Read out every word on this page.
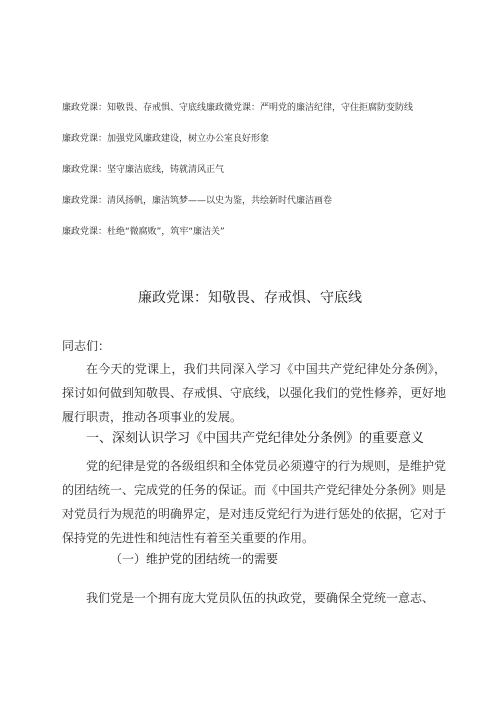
廉政党课：知敬畏、存戒惧、守底线廉政微党课：严明党的廉洁纪律，守住拒腐防变防线
廉政党课：加强党风廉政建设，树立办公室良好形象
廉政党课：坚守廉洁底线，铸就清风正气
廉政党课：清风扬帆，廉洁筑梦——以史为鉴，共绘新时代廉洁画卷
廉政党课：杜绝“微腐败”，筑牢“廉洁关”
廉政党课：知敬畏、存戒惧、守底线

同志们：

在今天的党课上，我们共同深入学习《中国共产党纪律处分条例》，探讨如何做到知敬畏、存戒惧、守底线，以强化我们的党性修养，更好地履行职责，推动各项事业的发展。

一、深刻认识学习《中国共产党纪律处分条例》的重要意义

党的纪律是党的各级组织和全体党员必须遵守的行为规则，是维护党的团结统一、完成党的任务的保证。而《中国共产党纪律处分条例》则是对党员行为规范的明确界定，是对违反党纪行为进行惩处的依据，它对于保持党的先进性和纯洁性有着至关重要的作用。

（一）维护党的团结统一的需要

我们党是一个拥有庞大党员队伍的执政党，要确保全党统一意志、
